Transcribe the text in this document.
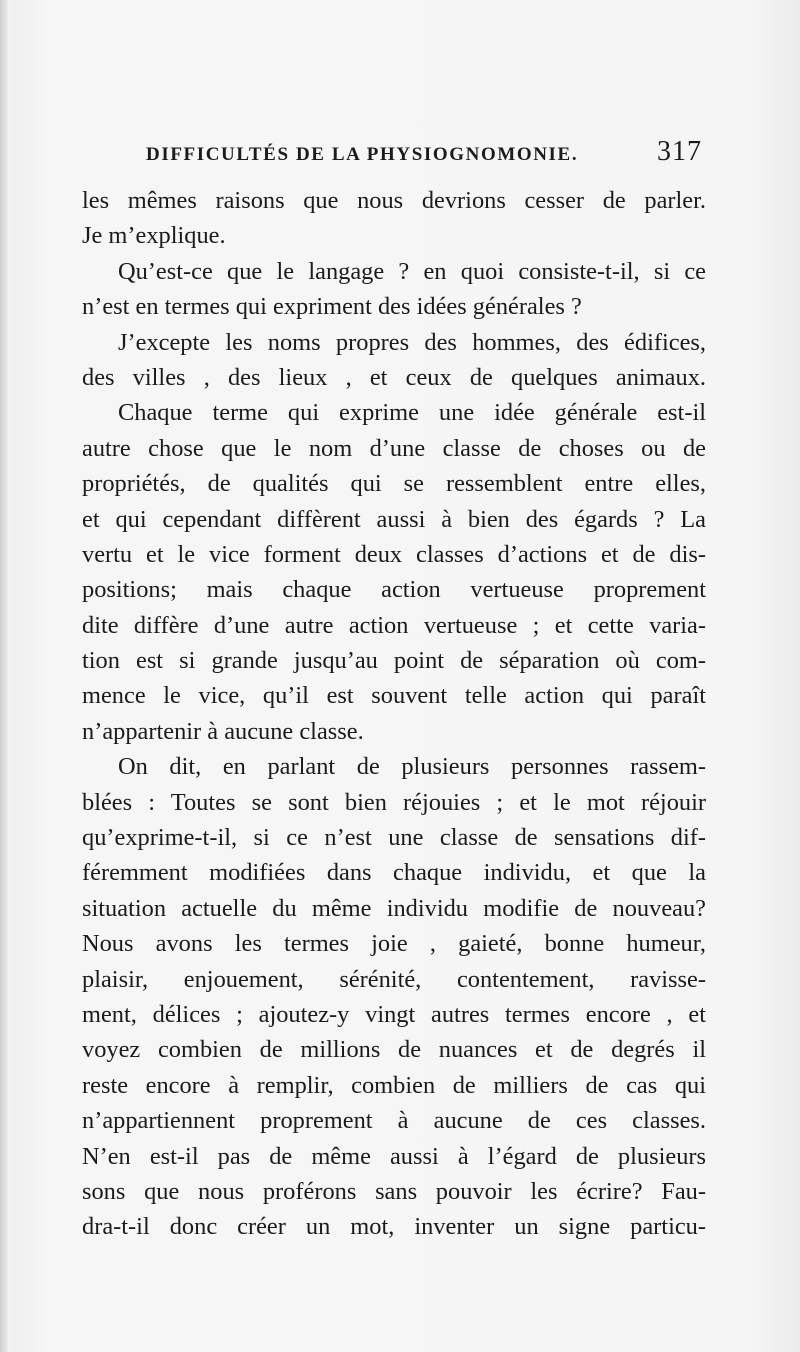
DIFFICULTÉS DE LA PHYSIOGNOMONIE.	317
les mêmes raisons que nous devrions cesser de parler.
Je m’explique.
Qu’est-ce que le langage ? en quoi consiste-t-il, si ce
n’est en termes qui expriment des idées générales ?
J’excepte les noms propres des hommes, des édifices,
des villes , des lieux , et ceux de quelques animaux.
Chaque terme qui exprime une idée générale est-il
autre chose que le nom d’une classe de choses ou de
propriétés, de qualités qui se ressemblent entre elles,
et qui cependant diffèrent aussi à bien des égards ? La
vertu et le vice forment deux classes d’actions et de dis-
positions; mais chaque action vertueuse proprement
dite diffère d’une autre action vertueuse ; et cette varia-
tion est si grande jusqu’au point de séparation où com-
mence le vice, qu’il est souvent telle action qui paraît
n’appartenir à aucune classe.
On dit, en parlant de plusieurs personnes rassem-
blées : Toutes se sont bien réjouies ; et le mot réjouir
qu’exprime-t-il, si ce n’est une classe de sensations dif-
féremment modifiées dans chaque individu, et que la
situation actuelle du même individu modifie de nouveau?
Nous avons les termes joie , gaieté, bonne humeur,
plaisir, enjouement, sérénité, contentement, ravisse-
ment, délices ; ajoutez-y vingt autres termes encore , et
voyez combien de millions de nuances et de degrés il
reste encore à remplir, combien de milliers de cas qui
n’appartiennent proprement à aucune de ces classes.
N’en est-il pas de même aussi à l’égard de plusieurs
sons que nous proférons sans pouvoir les écrire? Fau-
dra-t-il donc créer un mot, inventer un signe particu-
